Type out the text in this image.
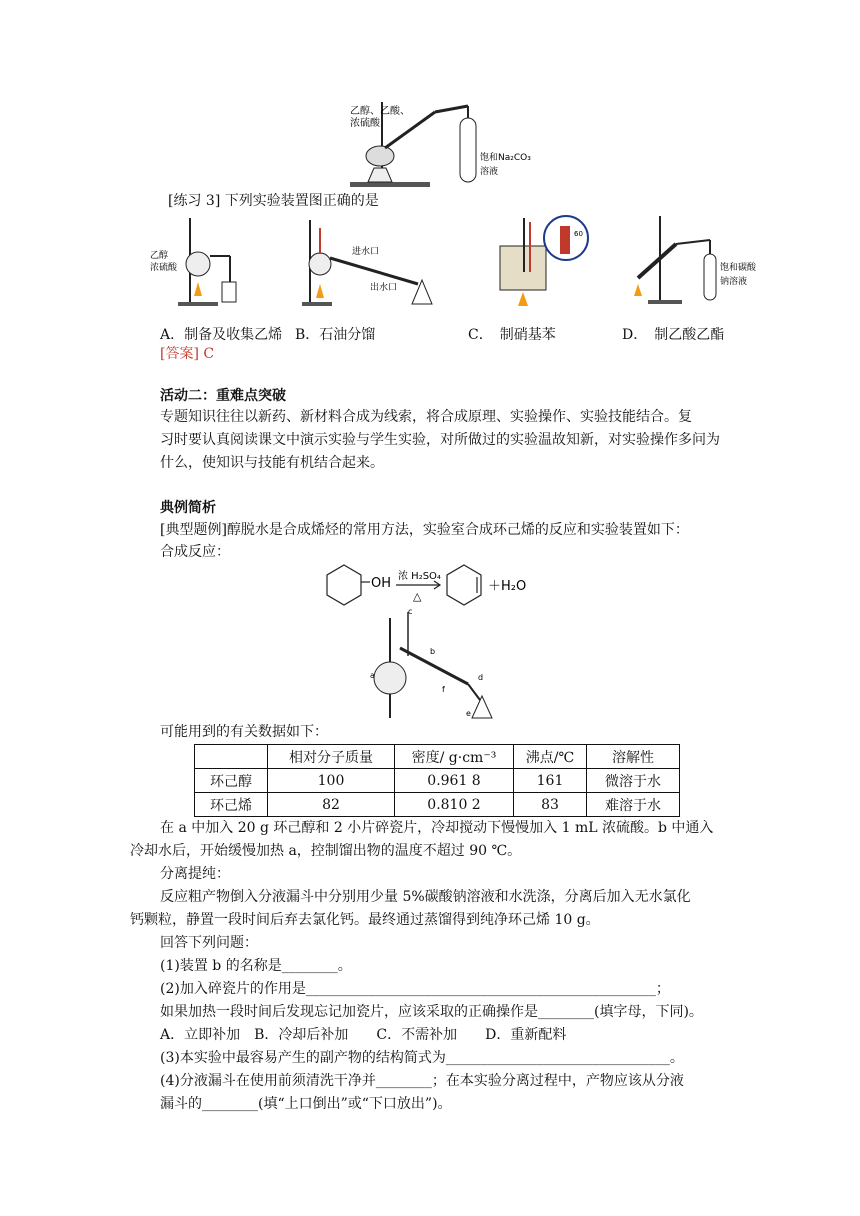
乙醇、乙酸、
浓硫酸
饱和Na₂CO₃
溶液
[练习 3] 下列实验装置图正确的是
乙醇
浓硫酸
进水口
出水口
60
饱和碳酸
钠溶液
A．制备及收集乙烯 B．石油分馏	C．　制硝基苯	D．　制乙酸乙酯
[答案] C
活动二：重难点突破
专题知识往往以新药、新材料合成为线索，将合成原理、实验操作、实验技能结合。复
习时要认真阅读课文中演示实验与学生实验，对所做过的实验温故知新，对实验操作多问为
什么，使知识与技能有机结合起来。
典例简析
[典型题例]醇脱水是合成烯烃的常用方法，实验室合成环己烯的反应和实验装置如下：
合成反应：
OH 浓 H₂SO₄
△
＋H₂O
c
b
a	d
f
e
可能用到的有关数据如下：
	相对分子质量	密度/ g·cm⁻³	沸点/℃	溶解性
环己醇	100	0.961 8	161	微溶于水
环己烯	82	0.810 2	83	难溶于水
在 a 中加入 20 g 环己醇和 2 小片碎瓷片，冷却搅动下慢慢加入 1 mL 浓硫酸。b 中通入
冷却水后，开始缓慢加热 a，控制馏出物的温度不超过 90 ℃。
分离提纯：
反应粗产物倒入分液漏斗中分别用少量 5%碳酸钠溶液和水洗涤，分离后加入无水氯化
钙颗粒，静置一段时间后弃去氯化钙。最终通过蒸馏得到纯净环己烯 10 g。
回答下列问题：
(1)装置 b 的名称是________。
(2)加入碎瓷片的作用是__________________________________________________；
如果加热一段时间后发现忘记加瓷片，应该采取的正确操作是________(填字母，下同)。
A．立即补加　B．冷却后补加　　C．不需补加　　D．重新配料
(3)本实验中最容易产生的副产物的结构简式为________________________________。
(4)分液漏斗在使用前须清洗干净并________；在本实验分离过程中，产物应该从分液
漏斗的________(填“上口倒出”或“下口放出”)。
